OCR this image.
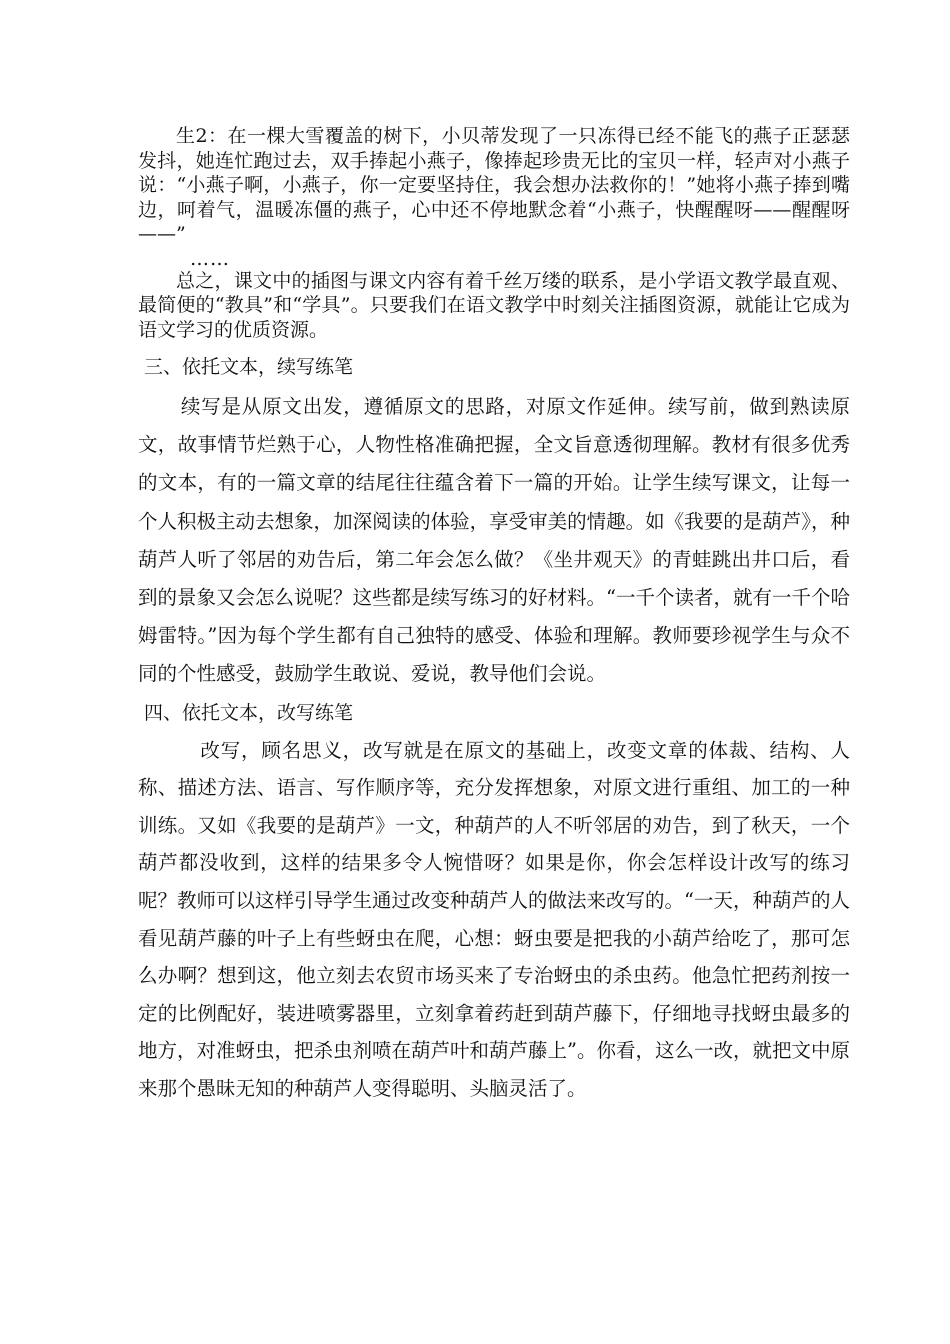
生2：在一棵大雪覆盖的树下，小贝蒂发现了一只冻得已经不能飞的燕子正瑟瑟发抖，她连忙跑过去，双手捧起小燕子，像捧起珍贵无比的宝贝一样，轻声对小燕子说：“小燕子啊，小燕子，你一定要坚持住，我会想办法救你的！”她将小燕子捧到嘴边，呵着气，温暖冻僵的燕子，心中还不停地默念着“小燕子，快醒醒呀——醒醒呀——”

……

总之，课文中的插图与课文内容有着千丝万缕的联系，是小学语文教学最直观、最简便的“教具”和“学具”。只要我们在语文教学中时刻关注插图资源，就能让它成为语文学习的优质资源。

三、依托文本，续写练笔

续写是从原文出发，遵循原文的思路，对原文作延伸。续写前，做到熟读原文，故事情节烂熟于心，人物性格准确把握，全文旨意透彻理解。教材有很多优秀的文本，有的一篇文章的结尾往往蕴含着下一篇的开始。让学生续写课文，让每一个人积极主动去想象，加深阅读的体验，享受审美的情趣。如《我要的是葫芦》，种葫芦人听了邻居的劝告后，第二年会怎么做？《坐井观天》的青蛙跳出井口后，看到的景象又会怎么说呢？这些都是续写练习的好材料。“一千个读者，就有一千个哈姆雷特。”因为每个学生都有自己独特的感受、体验和理解。教师要珍视学生与众不同的个性感受，鼓励学生敢说、爱说，教导他们会说。

四、依托文本，改写练笔

改写，顾名思义，改写就是在原文的基础上，改变文章的体裁、结构、人称、描述方法、语言、写作顺序等，充分发挥想象，对原文进行重组、加工的一种训练。又如《我要的是葫芦》一文，种葫芦的人不听邻居的劝告，到了秋天，一个葫芦都没收到，这样的结果多令人惋惜呀？如果是你，你会怎样设计改写的练习呢？教师可以这样引导学生通过改变种葫芦人的做法来改写的。“一天，种葫芦的人看见葫芦藤的叶子上有些蚜虫在爬，心想：蚜虫要是把我的小葫芦给吃了，那可怎么办啊？想到这，他立刻去农贸市场买来了专治蚜虫的杀虫药。他急忙把药剂按一定的比例配好，装进喷雾器里，立刻拿着药赶到葫芦藤下，仔细地寻找蚜虫最多的地方，对准蚜虫，把杀虫剂喷在葫芦叶和葫芦藤上”。你看，这么一改，就把文中原来那个愚昧无知的种葫芦人变得聪明、头脑灵活了。
